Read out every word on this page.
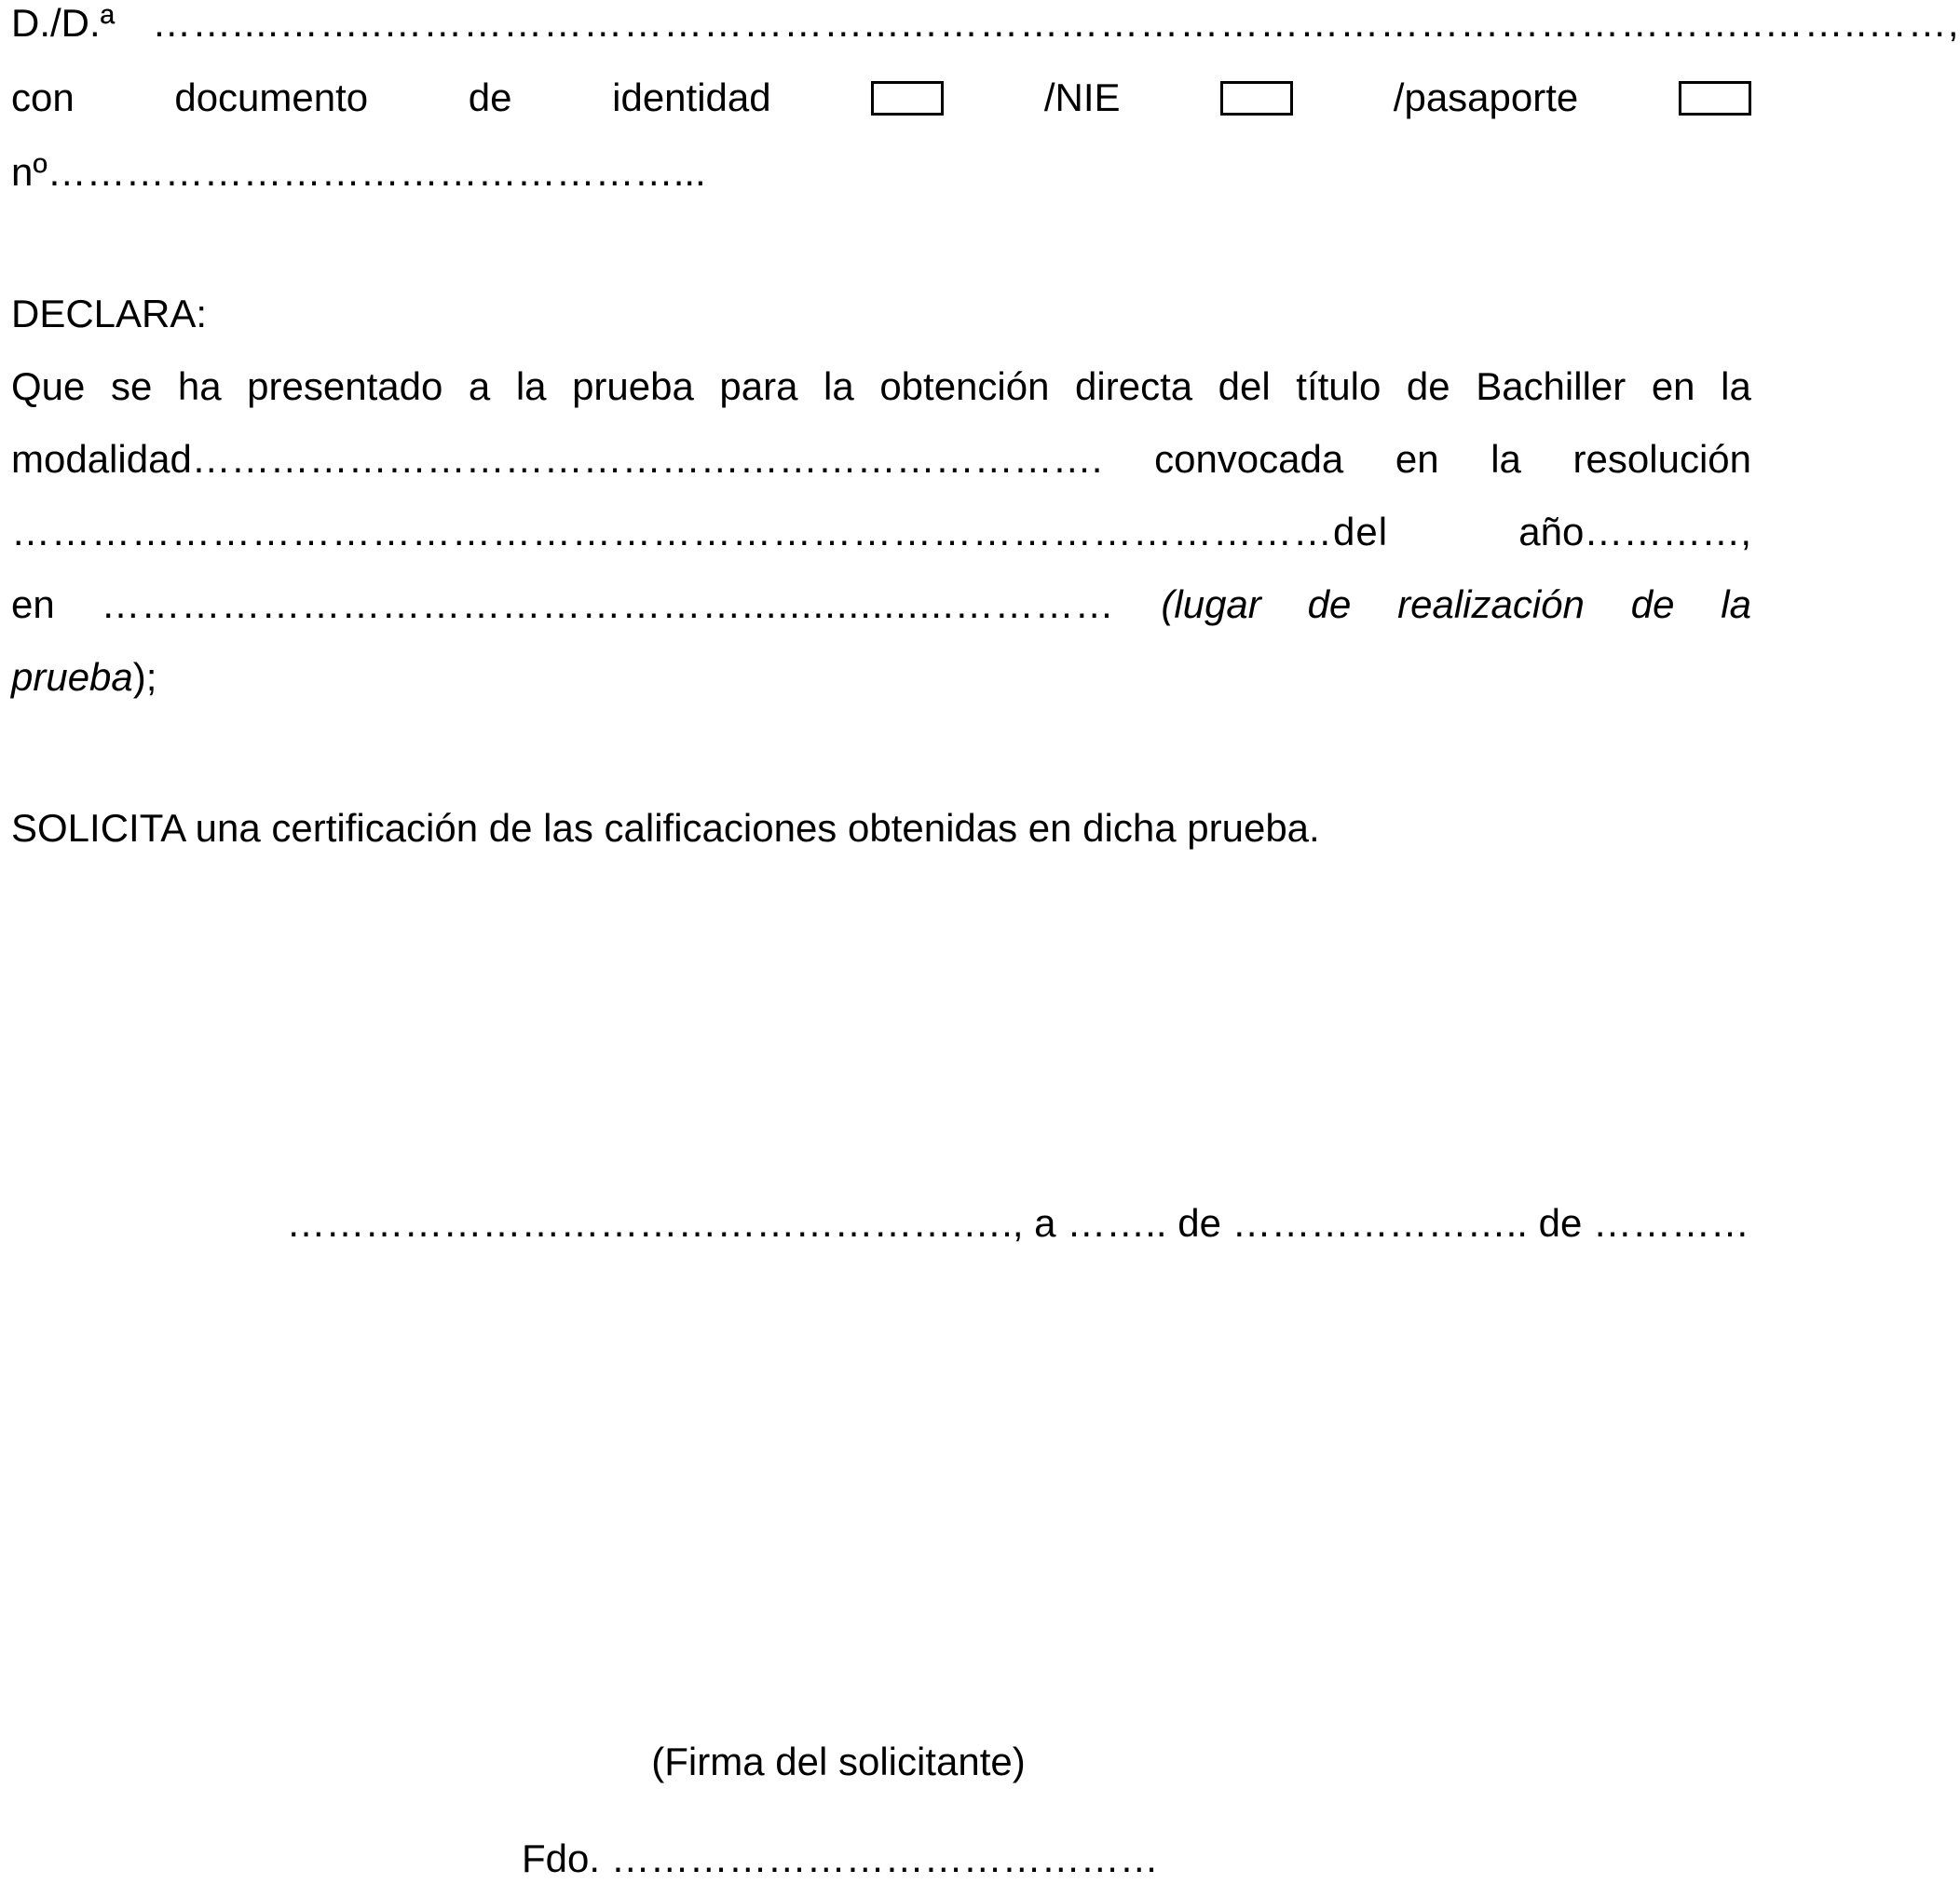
D./D.ª ……....……..………………………………...………………………………………………………..……..……,
con	documento	de	identidad	/NIE	/pasaporte
nº…………………………………………...
DECLARA:
Que se ha presentado a la prueba para la obtención directa del título de Bachiller en la
modalidad……………………………………………………………. convocada en la resolución
………………………………………………………………………………………del	año…………,
en …………………………………………..................………… (lugar de realización de la
prueba);
SOLICITA una certificación de las calificaciones obtenidas en dicha prueba.
…………………………………………….…., a …….. de ………………….. de …………
(Firma del solicitante)
Fdo. ……………………………………
